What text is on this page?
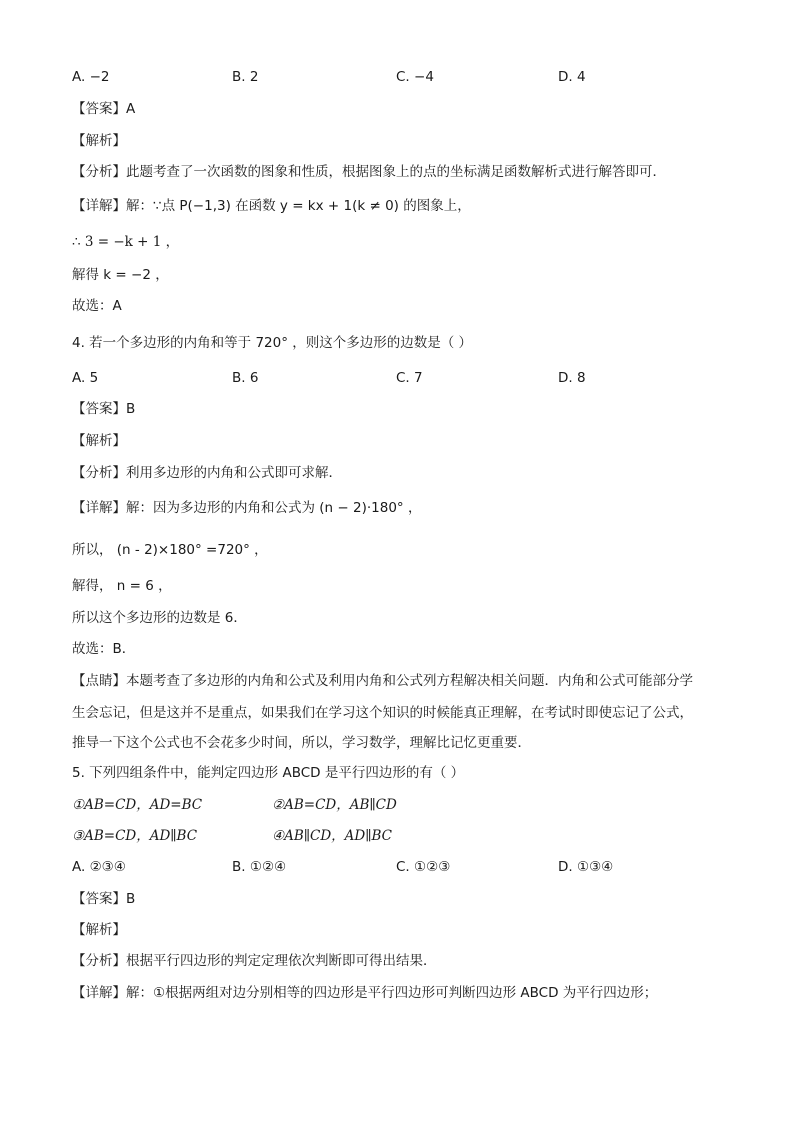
A. −2	B. 2	C. −4	D. 4
【答案】A
【解析】
【分析】此题考查了一次函数的图象和性质，根据图象上的点的坐标满足函数解析式进行解答即可．
【详解】解：∵点 P(−1,3) 在函数 y = kx + 1(k ≠ 0) 的图象上，
∴ 3 = −k + 1 ，
解得 k = −2 ，
故选：A
4. 若一个多边形的内角和等于 720° ，则这个多边形的边数是（ ）
A. 5	B. 6	C. 7	D. 8
【答案】B
【解析】
【分析】利用多边形的内角和公式即可求解．
【详解】解：因为多边形的内角和公式为 (n − 2)·180° ，
所以， (n - 2)×180° =720° ，
解得， n = 6 ，
所以这个多边形的边数是 6．
故选：B．
【点睛】本题考查了多边形的内角和公式及利用内角和公式列方程解决相关问题．内角和公式可能部分学
生会忘记，但是这并不是重点，如果我们在学习这个知识的时候能真正理解，在考试时即使忘记了公式，
推导一下这个公式也不会花多少时间，所以，学习数学，理解比记忆更重要．
5. 下列四组条件中，能判定四边形 ABCD 是平行四边形的有（ ）
①AB=CD，AD=BC	②AB=CD，AB∥CD
③AB=CD，AD∥BC	④AB∥CD，AD∥BC
A. ②③④	B. ①②④	C. ①②③	D. ①③④
【答案】B
【解析】
【分析】根据平行四边形的判定定理依次判断即可得出结果．
【详解】解：①根据两组对边分别相等的四边形是平行四边形可判断四边形 ABCD 为平行四边形；
